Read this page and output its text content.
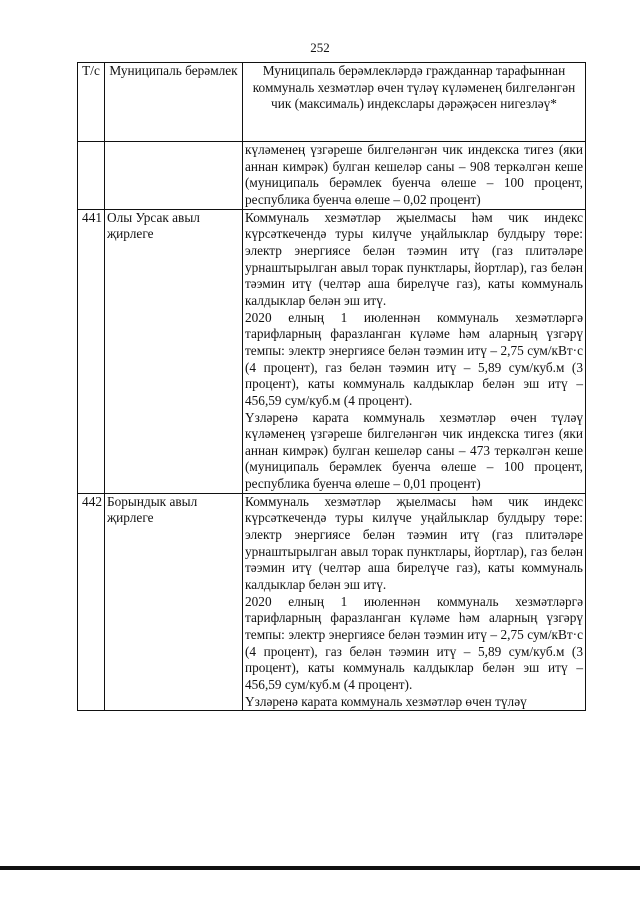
252
Т/с	Муниципаль берәмлек	Муниципаль берәмлекләрдә гражданнар тарафыннан коммуналь хезмәтләр өчен түләү күләменең билгеләнгән чик (максималь) индекслары дәрәҗәсен нигезләү*

		күләменең үзгәреше билгеләнгән чик индекска тигез (яки аннан кимрәк) булган кешеләр саны – 908 теркәлгән кеше (муниципаль берәмлек буенча өлеше – 100 процент, республика буенча өлеше – 0,02 процент)

441	Олы Урсак авыл җирлеге	Коммуналь хезмәтләр җыелмасы һәм чик индекс күрсәткечендә туры килүче уңайлыклар булдыру төре: электр энергиясе белән тәэмин итү (газ плитәләре урнаштырылган авыл торак пунктлары, йортлар), газ белән тәэмин итү (челтәр аша бирелүче газ), каты коммуналь калдыклар белән эш итү.

2020 елның 1 июленнән коммуналь хезмәтләргә тарифларның фаразланган күләме һәм аларның үзгәрү темпы: электр энергиясе белән тәэмин итү – 2,75 сум/кВт·с (4 процент), газ белән тәэмин итү – 5,89 сум/куб.м (3 процент), каты коммуналь калдыклар белән эш итү – 456,59 сум/куб.м (4 процент).

Үзләренә карата коммуналь хезмәтләр өчен түләү күләменең үзгәреше билгеләнгән чик индекска тигез (яки аннан кимрәк) булган кешеләр саны – 473 теркәлгән кеше (муниципаль берәмлек буенча өлеше – 100 процент, республика буенча өлеше – 0,01 процент)

442	Борындык авыл җирлеге	Коммуналь хезмәтләр җыелмасы һәм чик индекс күрсәткечендә туры килүче уңайлыклар булдыру төре: электр энергиясе белән тәэмин итү (газ плитәләре урнаштырылган авыл торак пунктлары, йортлар), газ белән тәэмин итү (челтәр аша бирелүче газ), каты коммуналь калдыклар белән эш итү.

2020 елның 1 июленнән коммуналь хезмәтләргә тарифларның фаразланган күләме һәм аларның үзгәрү темпы: электр энергиясе белән тәэмин итү – 2,75 сум/кВт·с (4 процент), газ белән тәэмин итү – 5,89 сум/куб.м (3 процент), каты коммуналь калдыклар белән эш итү – 456,59 сум/куб.м (4 процент).

Үзләренә карата коммуналь хезмәтләр өчен түләү
